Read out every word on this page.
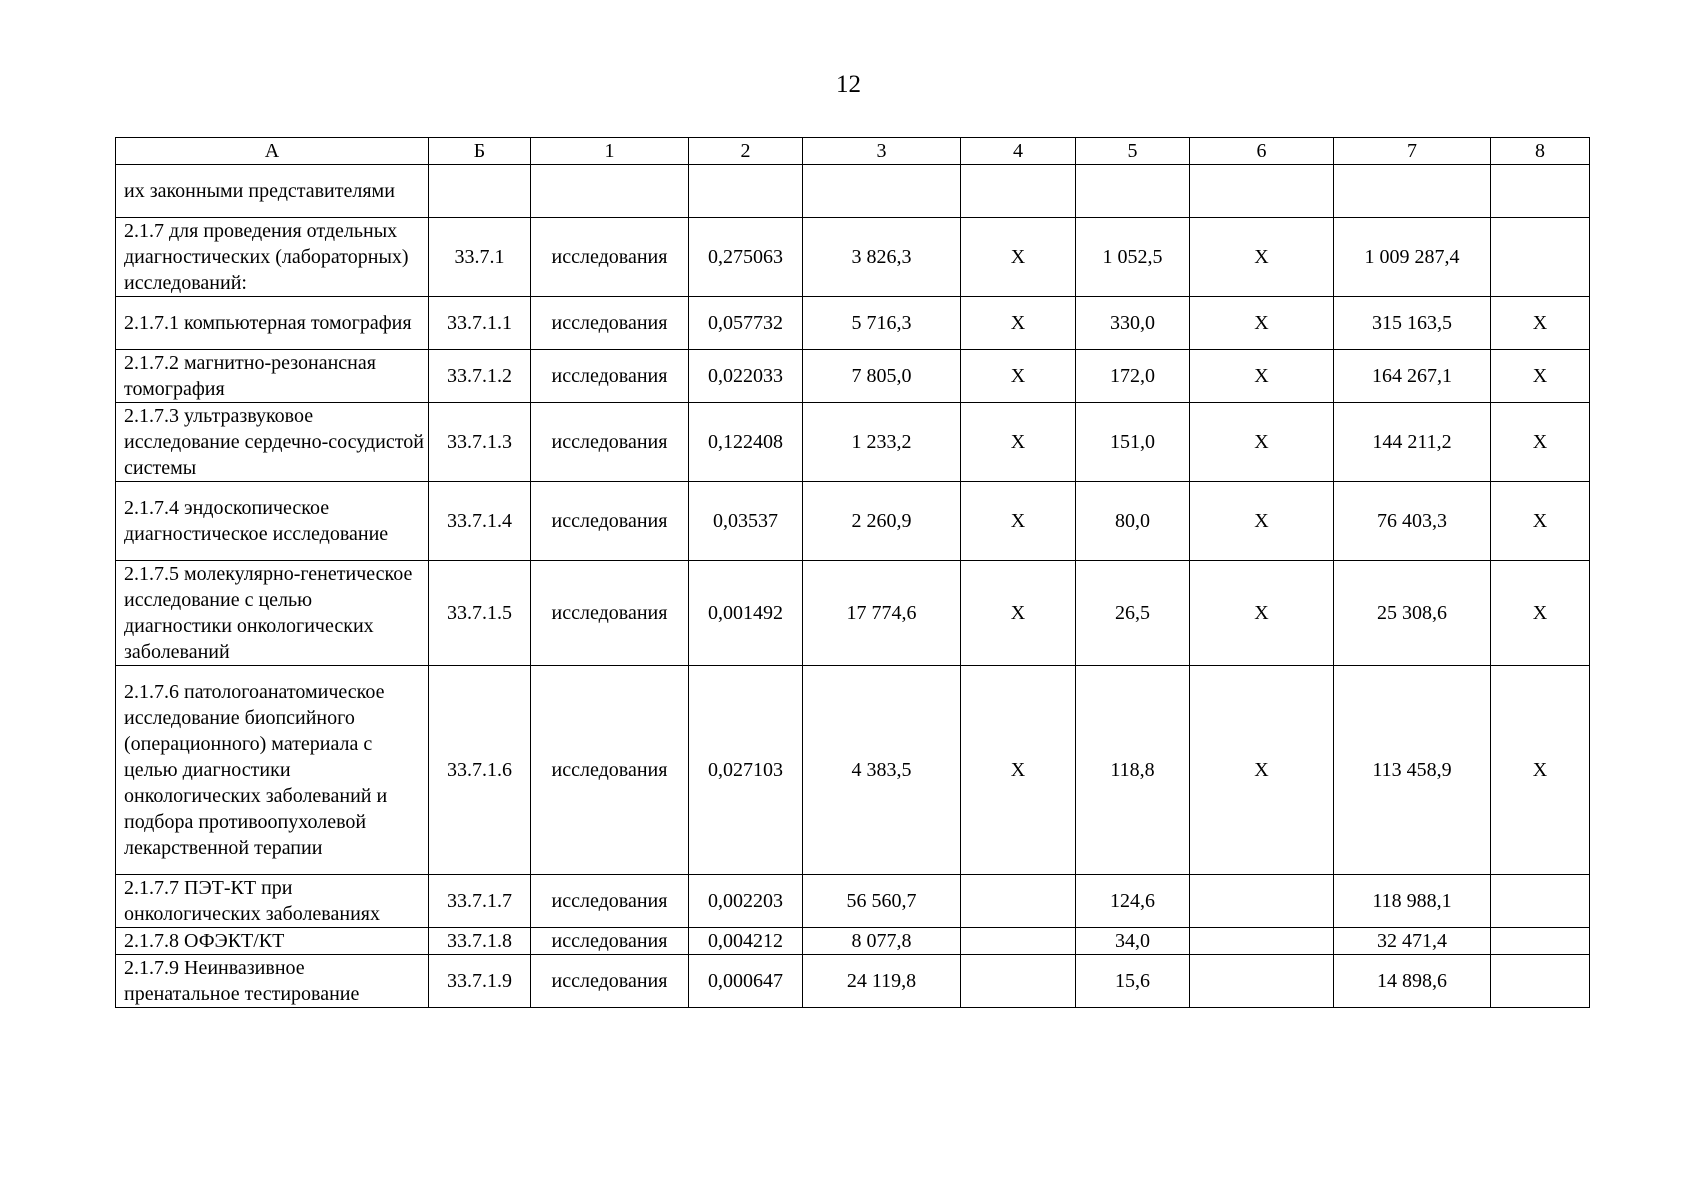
12
А	Б	1	2	3	4	5	6	7	8
их законными представителями									
2.1.7 для проведения отдельных диагностических (лабораторных) исследований:	33.7.1	исследования	0,275063	3 826,3	X	1 052,5	X	1 009 287,4	
2.1.7.1 компьютерная томография	33.7.1.1	исследования	0,057732	5 716,3	X	330,0	X	315 163,5	X
2.1.7.2 магнитно-резонансная томография	33.7.1.2	исследования	0,022033	7 805,0	X	172,0	X	164 267,1	X
2.1.7.3 ультразвуковое исследование сердечно-сосудистой системы	33.7.1.3	исследования	0,122408	1 233,2	X	151,0	X	144 211,2	X
2.1.7.4 эндоскопическое диагностическое исследование	33.7.1.4	исследования	0,03537	2 260,9	X	80,0	X	76 403,3	X
2.1.7.5 молекулярно-генетическое исследование с целью диагностики онкологических заболеваний	33.7.1.5	исследования	0,001492	17 774,6	X	26,5	X	25 308,6	X
2.1.7.6 патологоанатомическое исследование биопсийного (операционного) материала с целью диагностики онкологических заболеваний и подбора противоопухолевой лекарственной терапии	33.7.1.6	исследования	0,027103	4 383,5	X	118,8	X	113 458,9	X
2.1.7.7 ПЭТ-КТ при онкологических заболеваниях	33.7.1.7	исследования	0,002203	56 560,7		124,6		118 988,1	
2.1.7.8 ОФЭКТ/КТ	33.7.1.8	исследования	0,004212	8 077,8		34,0		32 471,4	
2.1.7.9 Неинвазивное пренатальное тестирование	33.7.1.9	исследования	0,000647	24 119,8		15,6		14 898,6	
